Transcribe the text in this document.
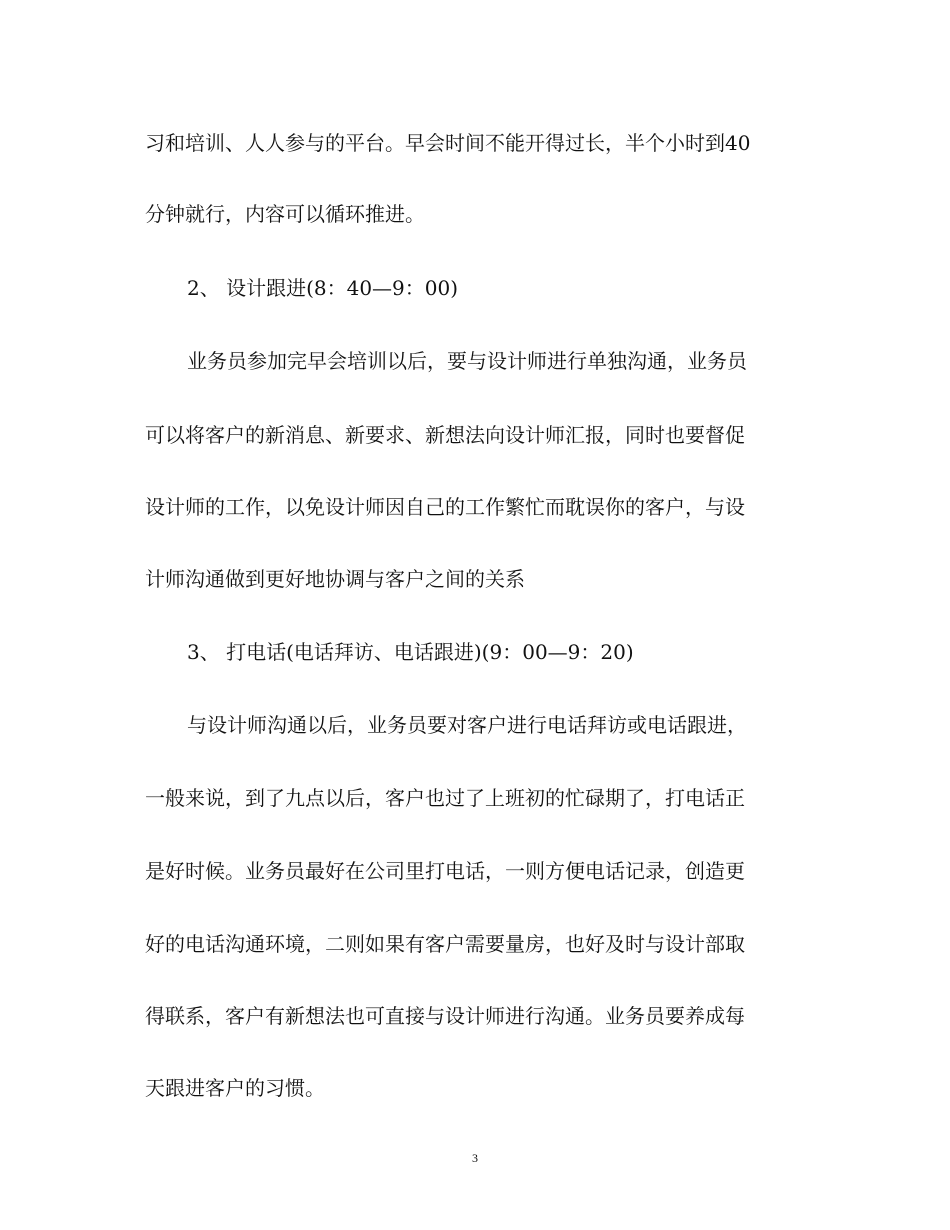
习和培训、人人参与的平台。早会时间不能开得过长，半个小时到40
分钟就行，内容可以循环推进。
2、 设计跟进(8：40—9：00)
业务员参加完早会培训以后，要与设计师进行单独沟通，业务员
可以将客户的新消息、新要求、新想法向设计师汇报，同时也要督促
设计师的工作，以免设计师因自己的工作繁忙而耽误你的客户，与设
计师沟通做到更好地协调与客户之间的关系
3、 打电话(电话拜访、电话跟进)(9：00—9：20)
与设计师沟通以后，业务员要对客户进行电话拜访或电话跟进，
一般来说，到了九点以后，客户也过了上班初的忙碌期了，打电话正
是好时候。业务员最好在公司里打电话，一则方便电话记录，创造更
好的电话沟通环境，二则如果有客户需要量房，也好及时与设计部取
得联系，客户有新想法也可直接与设计师进行沟通。业务员要养成每
天跟进客户的习惯。
3
